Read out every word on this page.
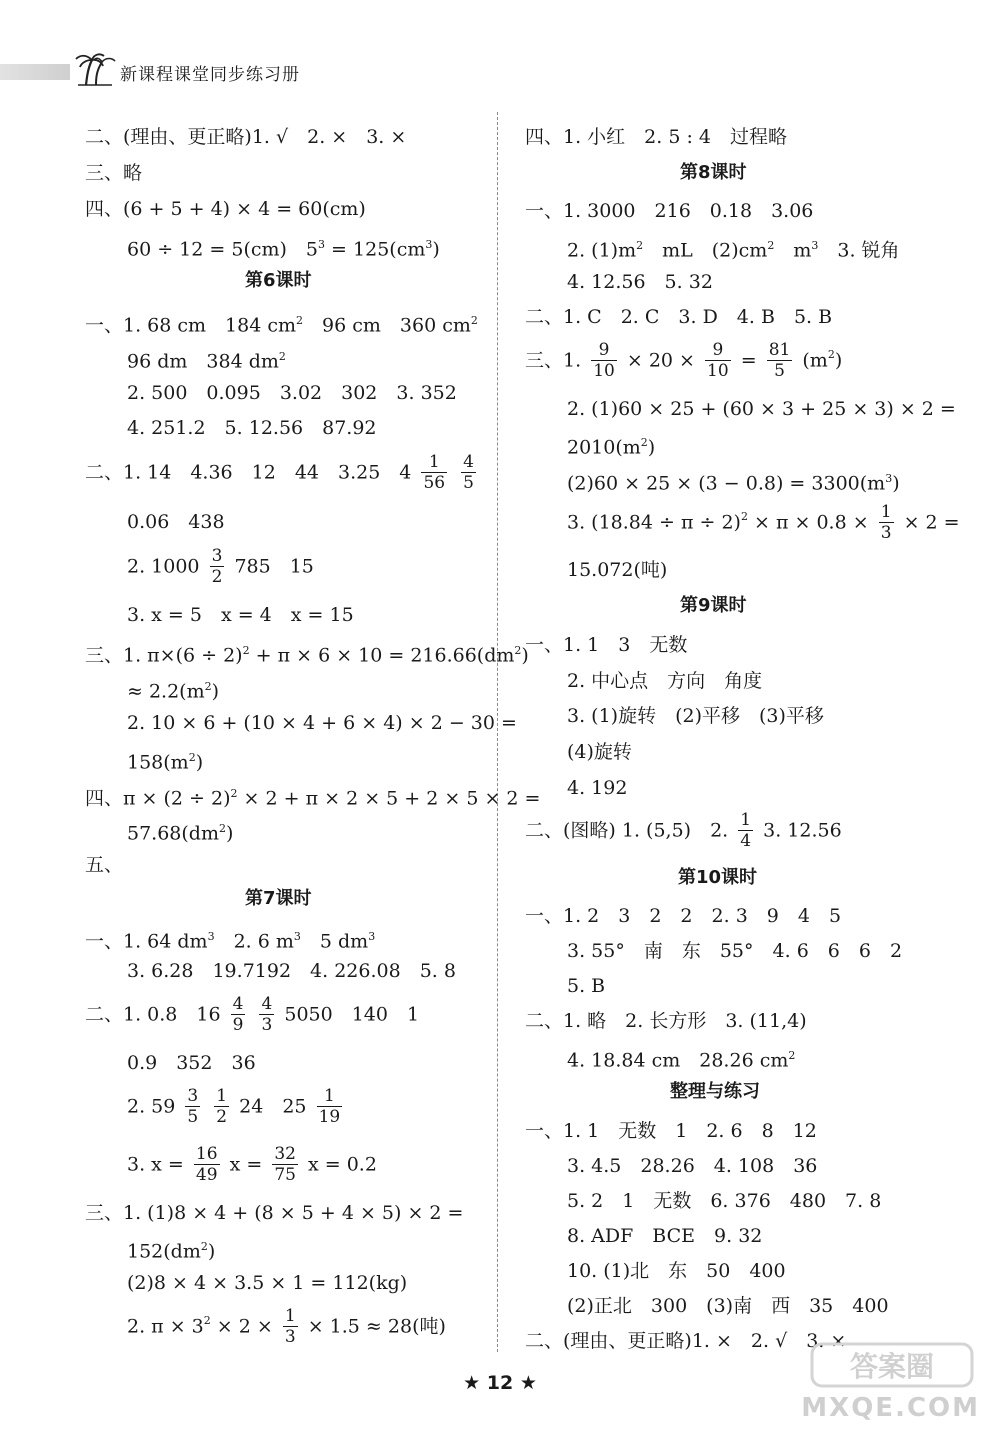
新课程课堂同步练习册
二、(理由、更正略)1. √　2. ×　3. ×
三、略
四、(6 + 5 + 4) × 4 = 60(cm)
60 ÷ 12 = 5(cm)　$5^3 = 125(cm^3)$
第6课时
一、1. 68 cm　184 $cm^2$　96 cm　360 $cm^2$
96 dm　384 $dm^2$
2. 500　0.095　3.02　302　3. 352
4. 251.2　5. 12.56　87.92
二、1. 14　4.36　12　44　3.25　$4 \frac{1}{56}$
$\frac{4}{5}$
0.06　438
2. $1000 \frac{3}{2} 785$　15
3. x = 5　x = 4　x = 15
三、1. $\pi\times(6 \div 2)^2 + \pi \times 6 \times 10 = 216.66(dm^2)$
≈ $2.2(m^2)$
2. 10 × 6 + (10 × 4 + 6 × 4) × 2 − 30 =
$158(m^2)$
四、$\pi \times (2 \div 2)^2 \times 2 + \pi \times 2 \times 5 + 2 \times 5 \times 2$ =
$57.68(dm^2)$
五、
第7课时
一、1. 64 $dm^3$　2. 6 $m^3$　5 $dm^3$
3. 6.28　19.7192　4. 226.08　5. 8
二、1. 0.8　$16 \frac{4}{9}$
$\frac{4}{3} 5050$　140　1
0.9　352　36
2. $59 \frac{3}{5}$
$\frac{1}{2} 24$　$25 \frac{1}{19}$
3. $x = \frac{16}{49}$ $x = \frac{32}{75}$ x = 0.2
三、1. (1)8 × 4 + (8 × 5 + 4 × 5) × 2 =
$152(dm^2)$
(2)8 × 4 × 3.5 × 1 = 112(kg)
2. $\pi \times 3^2 \times 2 \times \frac{1}{3} \times 1.5 \approx 28$(吨)
四、1. 小红　2. 5 : 4　过程略
第8课时
一、1. 3000　216　0.18　3.06
2. $(1)m^2$　mL　$(2)cm^2$　$m^3$　3. 锐角
4. 12.56　5. 32
二、1. C　2. C　3. D　4. B　5. B
三、1. $\frac{9}{10} \times 20 \times \frac{9}{10} = \frac{81}{5} (m^2)$
2. (1)60 × 25 + (60 × 3 + 25 × 3) × 2 =
$2010(m^2)$
$(2)60 \times 25 \times (3 - 0.8) = 3300(m^3)$
3. $(18.84 \div \pi \div 2)^2 \times \pi \times 0.8 \times \frac{1}{3} \times 2$ =
15.072(吨)
第9课时
一、1. 1　3　无数
2. 中心点　方向　角度
3. (1)旋转　(2)平移　(3)平移
(4)旋转
4. 192
二、(图略) 1. (5,5)　2. $\frac{1}{4} 3$. 12.56
第10课时
一、1. 2　3　2　2　2. 3　9　4　5
3. 55°　南　东　55°　4. 6　6　6　2
5. B
二、1. 略　2. 长方形　3. (11,4)
4. 18.84 cm　28.26 $cm^2$
整理与练习
一、1. 1　无数　1　2. 6　8　12
3. 4.5　28.26　4. 108　36
5. 2　1　无数　6. 376　480　7. 8
8. ADF　BCE　9. 32
10. (1)北　东　50　400
(2)正北　300　(3)南　西　35　400
二、(理由、更正略)1. ×　2. √　3. ×
答案圈
MXQE.COM
★ 12 ★
